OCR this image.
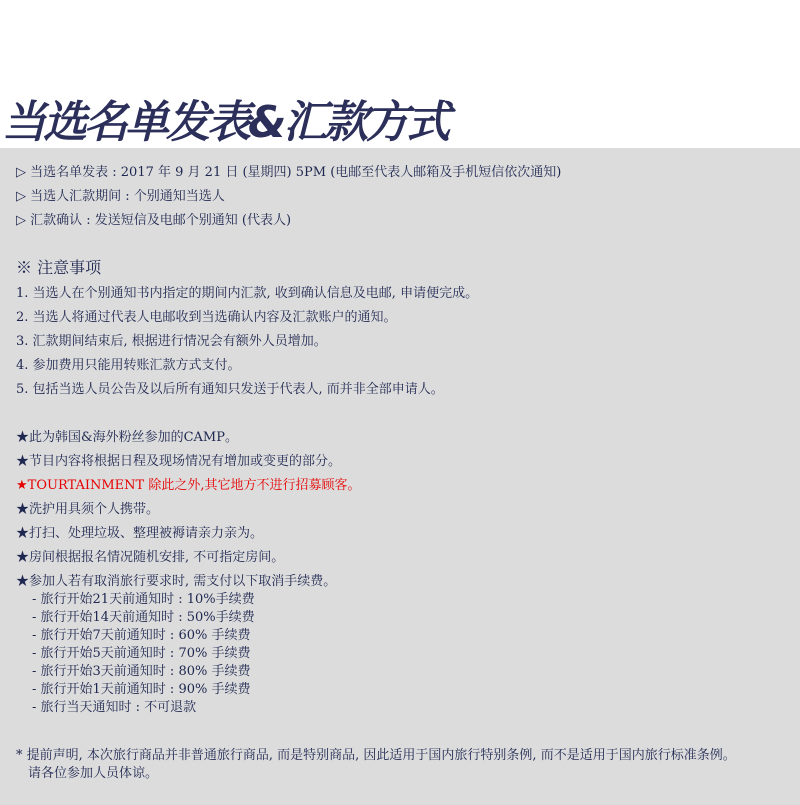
当选名单发表&汇款方式

▷ 当选名单发表 : 2017 年 9 月 21 日 (星期四) 5PM (电邮至代表人邮箱及手机短信依次通知)

▷ 当选人汇款期间 : 个别通知当选人

▷ 汇款确认 : 发送短信及电邮个别通知 (代表人)

※ 注意事项

1. 当选人在个别通知书内指定的期间内汇款, 收到确认信息及电邮, 申请便完成。

2. 当选人将通过代表人电邮收到当选确认内容及汇款账户的通知。

3. 汇款期间结束后, 根据进行情况会有额外人员增加。

4. 参加费用只能用转账汇款方式支付。

5. 包括当选人员公告及以后所有通知只发送于代表人, 而并非全部申请人。

★此为韩国&海外粉丝参加的CAMP。

★节目内容将根据日程及现场情况有增加或变更的部分。

★TOURTAINMENT 除此之外,其它地方不进行招募顾客。

★洗护用具须个人携带。

★打扫、处理垃圾、整理被褥请亲力亲为。

★房间根据报名情况随机安排, 不可指定房间。

★参加人若有取消旅行要求时, 需支付以下取消手续费。

- 旅行开始21天前通知时 : 10%手续费

- 旅行开始14天前通知时 : 50%手续费

- 旅行开始7天前通知时 : 60% 手续费

- 旅行开始5天前通知时 : 70% 手续费

- 旅行开始3天前通知时 : 80% 手续费

- 旅行开始1天前通知时 : 90% 手续费

- 旅行当天通知时 : 不可退款

* 提前声明, 本次旅行商品并非普通旅行商品, 而是特别商品, 因此适用于国内旅行特别条例, 而不是适用于国内旅行标准条例。

请各位参加人员体谅。
